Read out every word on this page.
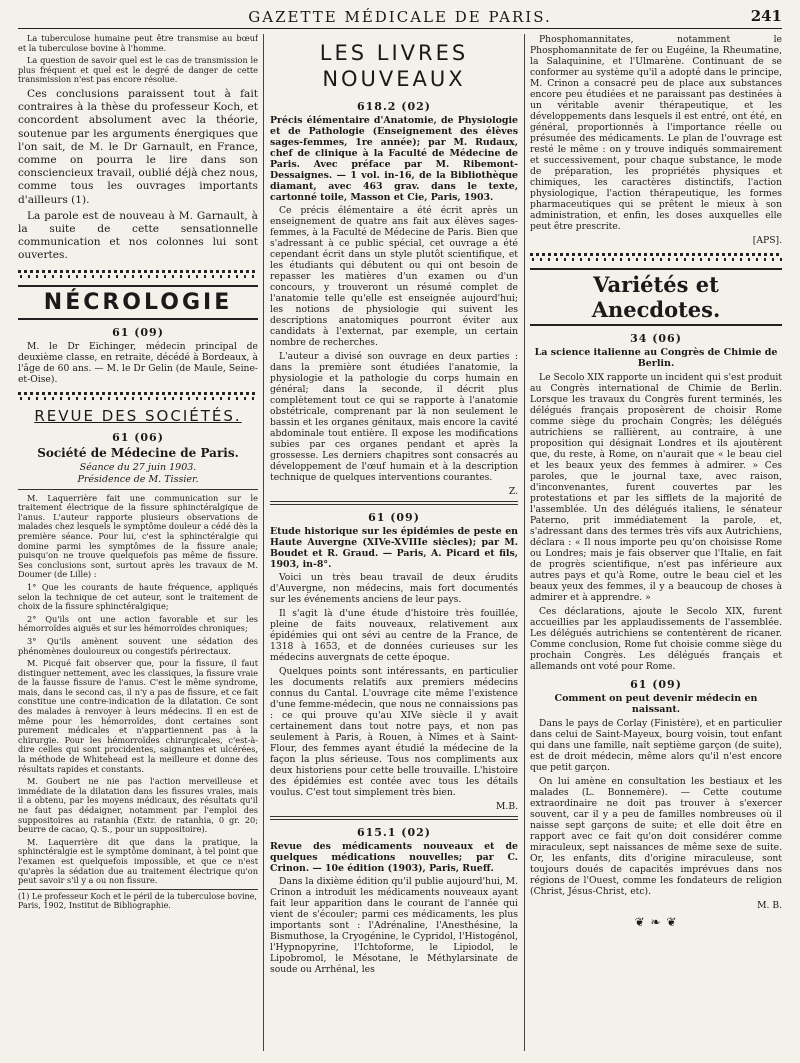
GAZETTE MÉDICALE DE PARIS.	241

La tuberculose humaine peut être transmise au bœuf et la tuberculose bovine à l'homme.

La question de savoir quel est le cas de transmission le plus fréquent et quel est le degré de danger de cette transmission n'est pas encore résolue.

Ces conclusions paraissent tout à fait contraires à la thèse du professeur Koch, et concordent absolument avec la théorie, soutenue par les arguments énergiques que l'on sait, de M. le Dr Garnault, en France, comme on pourra le lire dans son consciencieux travail, oublié déjà chez nous, comme tous les ouvrages importants d'ailleurs (1).

La parole est de nouveau à M. Garnault, à la suite de cette sensationnelle communication et nos colonnes lui sont ouvertes.

NÉCROLOGIE
61 (09)

M. le Dr Eichinger, médecin principal de deuxième classe, en retraite, décédé à Bordeaux, à l'âge de 60 ans. — M. le Dr Gelin (de Maule, Seine-et-Oise).

REVUE DES SOCIÉTÉS.
61 (06)
Société de Médecine de Paris.
Séance du 27 juin 1903.
Présidence de M. Tissier.

M. Laquerrière fait une communication sur le traitement électrique de la fissure sphinctéralgique de l'anus. L'auteur rapporte plusieurs observations de malades chez lesquels le symptôme douleur a cédé dès la première séance. Pour lui, c'est la sphinctéralgie qui domine parmi les symptômes de la fissure anale; puisqu'on ne trouve quelquefois pas même de fissure. Ses conclusions sont, surtout après les travaux de M. Doumer (de Lille) :

1° Que les courants de haute fréquence, appliqués selon la technique de cet auteur, sont le traitement de choix de la fissure sphinctéralgique;

2° Qu'ils ont une action favorable et sur les hémorroïdes aiguës et sur les hémorroïdes chroniques;

3° Qu'ils amènent souvent une sédation des phénomènes douloureux ou congestifs périrectaux.

M. Picqué fait observer que, pour la fissure, il faut distinguer nettement, avec les classiques, la fissure vraie de la fausse fissure de l'anus. C'est le même syndrome, mais, dans le second cas, il n'y a pas de fissure, et ce fait constitue une contre-indication de la dilatation. Ce sont des malades à renvoyer à leurs médecins. Il en est de même pour les hémorroïdes, dont certaines sont purement médicales et n'appartiennent pas à la chirurgie. Pour les hémorroïdes chirurgicales, c'est-à-dire celles qui sont procidentes, saignantes et ulcérées, la méthode de Whitehead est la meilleure et donne des résultats rapides et constants.

M. Goubert ne nie pas l'action merveilleuse et immédiate de la dilatation dans les fissures vraies, mais il a obtenu, par les moyens médicaux, des résultats qu'il ne faut pas dédaigner, notamment par l'emploi des suppositoires au ratanhia (Extr. de ratanhia, 0 gr. 20; beurre de cacao, Q. S., pour un suppositoire).

M. Laquerrière dit que dans la pratique, la sphinctéralgie est le symptôme dominant, à tel point que l'examen est quelquefois impossible, et que ce n'est qu'après la sédation due au traitement électrique qu'on peut savoir s'il y a ou non fissure.

(1) Le professeur Koch et le péril de la tuberculose bovine, Paris, 1902, Institut de Bibliographie.
LES LIVRES
NOUVEAUX
618.2 (02)
Précis élémentaire d'Anatomie, de Physiologie et de Pathologie (Enseignement des élèves sages-femmes, 1re année); par M. Rudaux, chef de clinique à la Faculté de Médecine de Paris. Avec préface par M. Ribemont-Dessaignes. — 1 vol. in-16, de la Bibliothèque diamant, avec 463 grav. dans le texte, cartonné toile, Masson et Cie, Paris, 1903.

Ce précis élémentaire a été écrit après un enseignement de quatre ans fait aux élèves sages-femmes, à la Faculté de Médecine de Paris. Bien que s'adressant à ce public spécial, cet ouvrage a été cependant écrit dans un style plutôt scientifique, et les étudiants qui débutent ou qui ont besoin de repasser les matières d'un examen ou d'un concours, y trouveront un résumé complet de l'anatomie telle qu'elle est enseignée aujourd'hui; les notions de physiologie qui suivent les descriptions anatomiques pourront éviter aux candidats à l'externat, par exemple, un certain nombre de recherches.

L'auteur a divisé son ouvrage en deux parties : dans la première sont étudiées l'anatomie, la physiologie et la pathologie du corps humain en général; dans la seconde, il décrit plus complètement tout ce qui se rapporte à l'anatomie obstétricale, comprenant par là non seulement le bassin et les organes génitaux, mais encore la cavité abdominale tout entière. Il expose les modifications subies par ces organes pendant et après la grossesse. Les derniers chapitres sont consacrés au développement de l'œuf humain et à la description technique de quelques interventions courantes.

Z.
61 (09)
Etude historique sur les épidémies de peste en Haute Auvergne (XIVe-XVIIIe siècles); par M. Boudet et R. Graud. — Paris, A. Picard et fils, 1903, in-8°.

Voici un très beau travail de deux érudits d'Auvergne, non médecins, mais fort documentés sur les événements anciens de leur pays.

Il s'agit là d'une étude d'histoire très fouillée, pleine de faits nouveaux, relativement aux épidémies qui ont sévi au centre de la France, de 1318 à 1653, et de données curieuses sur les médecins auvergnats de cette époque.

Quelques points sont intéressants, en particulier les documents relatifs aux premiers médecins connus du Cantal. L'ouvrage cite même l'existence d'une femme-médecin, que nous ne connaissions pas : ce qui prouve qu'au XIVe siècle il y avait certainement dans tout notre pays, et non pas seulement à Paris, à Rouen, à Nîmes et à Saint-Flour, des femmes ayant étudié la médecine de la façon la plus sérieuse. Tous nos compliments aux deux historiens pour cette belle trouvaille. L'histoire des épidémies est contée avec tous les détails voulus. C'est tout simplement très bien.

M.B.
615.1 (02)
Revue des médicaments nouveaux et de quelques médications nouvelles; par C. Crinon. — 10e édition (1903), Paris, Rueff.

Dans la dixième édition qu'il publie aujourd'hui, M. Crinon a introduit les médicaments nouveaux ayant fait leur apparition dans le courant de l'année qui vient de s'écouler; parmi ces médicaments, les plus importants sont : l'Adrénaline, l'Anesthésine, la Bismuthose, la Cryogénine, le Cypridol, l'Histogénol, l'Hypnopyrine, l'Ichtoforme, le Lipiodol, le Lipobromol, le Mésotane, le Méthylarsinate de soude ou Arrhénal, les

Phosphomannitates, notamment le Phosphomannitate de fer ou Eugéine, la Rheumatine, la Salaquinine, et l'Ulmarène. Continuant de se conformer au système qu'il a adopté dans le principe, M. Crinon a consacré peu de place aux substances encore peu étudiées et ne paraissant pas destinées à un véritable avenir thérapeutique, et les développements dans lesquels il est entré, ont été, en général, proportionnés à l'importance réelle ou présumée des médicaments. Le plan de l'ouvrage est resté le même : on y trouve indiqués sommairement et successivement, pour chaque substance, le mode de préparation, les propriétés physiques et chimiques, les caractères distinctifs, l'action physiologique, l'action thérapeutique, les formes pharmaceutiques qui se prêtent le mieux à son administration, et enfin, les doses auxquelles elle peut être prescrite.

[APS].
Variétés et Anecdotes.
34 (06)
La science italienne au Congrès de Chimie de Berlin.

Le Secolo XIX rapporte un incident qui s'est produit au Congrès international de Chimie de Berlin. Lorsque les travaux du Congrès furent terminés, les délégués français proposèrent de choisir Rome comme siège du prochain Congrès; les délégués autrichiens se rallièrent, au contraire, à une proposition qui désignait Londres et ils ajoutèrent que, du reste, à Rome, on n'aurait que « le beau ciel et les beaux yeux des femmes à admirer. » Ces paroles, que le journal taxe, avec raison, d'inconvenantes, furent couvertes par les protestations et par les sifflets de la majorité de l'assemblée. Un des délégués italiens, le sénateur Paterno, prit immédiatement la parole, et, s'adressant dans des termes très vifs aux Autrichiens, déclara : « Il nous importe peu qu'on choisisse Rome ou Londres; mais je fais observer que l'Italie, en fait de progrès scientifique, n'est pas inférieure aux autres pays et qu'à Rome, outre le beau ciel et les beaux yeux des femmes, il y a beaucoup de choses à admirer et à apprendre. »

Ces déclarations, ajoute le Secolo XIX, furent accueillies par les applaudissements de l'assemblée. Les délégués autrichiens se contentèrent de ricaner. Comme conclusion, Rome fut choisie comme siège du prochain Congrès. Les délégués français et allemands ont voté pour Rome.

61 (09)
Comment on peut devenir médecin en naissant.

Dans le pays de Corlay (Finistère), et en particulier dans celui de Saint-Mayeux, bourg voisin, tout enfant qui dans une famille, naît septième garçon (de suite), est de droit médecin, même alors qu'il n'est encore que petit garçon.

On lui amène en consultation les bestiaux et les malades (L. Bonnemère). — Cette coutume extraordinaire ne doit pas trouver à s'exercer souvent, car il y a peu de familles nombreuses où il naisse sept garçons de suite; et elle doit être en rapport avec ce fait qu'on doit considérer comme miraculeux, sept naissances de même sexe de suite. Or, les enfants, dits d'origine miraculeuse, sont toujours doués de capacités imprévues dans nos régions de l'Ouest, comme les fondateurs de religion (Christ, Jésus-Christ, etc).

M. B.
❦ ❧ ❦
